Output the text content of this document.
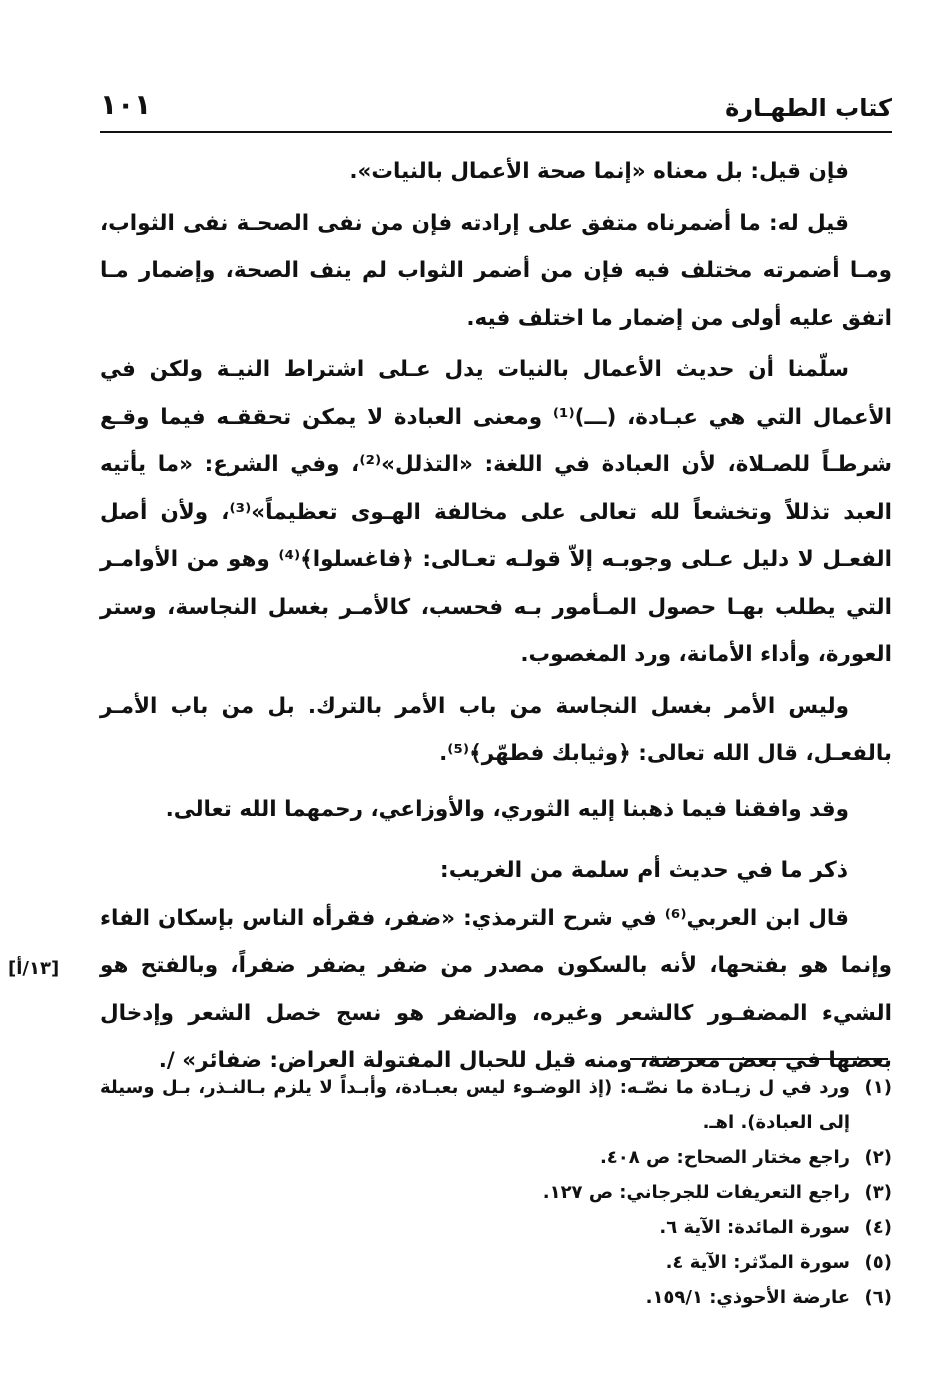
كتاب الطهـارة
١٠١

فإن قيل: بل معناه «إنما صحة الأعمال بالنيات».

قيل له: ما أضمرناه متفق على إرادته فإن من نفى الصحـة نفى الثواب، ومـا أضمرته مختلف فيه فإن من أضمر الثواب لم ينف الصحة، وإضمار مـا اتفق عليه أولى من إضمار ما اختلف فيه.

سلّمنا أن حديث الأعمال بالنيات يدل عـلى اشتراط النيـة ولكن في الأعمال التي هي عبـادة، (ـــ)⁽¹⁾ ومعنى العبادة لا يمكن تحققـه فيما وقـع شرطـاً للصـلاة، لأن العبادة في اللغة: «التذلل»⁽²⁾، وفي الشرع: «ما يأتيه العبد تذللاً وتخشعاً لله تعالى على مخالفة الهـوى تعظيماً»⁽³⁾، ولأن أصل الفعـل لا دليل عـلى وجوبـه إلاّ قولـه تعـالى: ﴿فاغسلوا﴾⁽⁴⁾ وهو من الأوامـر التي يطلب بهـا حصول المـأمور بـه فحسب، كالأمـر بغسل النجاسة، وستر العورة، وأداء الأمانة، ورد المغصوب.

وليس الأمر بغسل النجاسة من باب الأمر بالترك. بل من باب الأمـر بالفعـل، قال الله تعالى: ﴿وثيابك فطهّر﴾⁽⁵⁾.

وقد وافقنا فيما ذهبنا إليه الثوري، والأوزاعي، رحمهما الله تعالى.

ذكر ما في حديث أم سلمة من الغريب:

قال ابن العربي⁽⁶⁾ في شرح الترمذي: «ضفر، فقرأه الناس بإسكان الفاء وإنما هو بفتحها، لأنه بالسكون مصدر من ضفر يضفر ضفراً، وبالفتح هو الشيء المضفـور كالشعر وغيره، والضفر هو نسج خصل الشعر وإدخال بعضها في بعض معرضة، ومنه قيل للحبال المفتولة العراض: ضفائر» /.

[١٣/أ]
(١)
ورد في ل زيـادة ما نصّـه: (إذ الوضـوء ليس بعبـادة، وأبـداً لا يلزم بـالنـذر، بـل وسيلة إلى العبادة). اهـ.
(٢)
راجع مختار الصحاح: ص ٤٠٨.
(٣)
راجع التعريفات للجرجاني: ص ١٢٧.
(٤)
سورة المائدة: الآية ٦.
(٥)
سورة المدّثر: الآية ٤.
(٦)
عارضة الأحوذي: ١٥٩/١.
